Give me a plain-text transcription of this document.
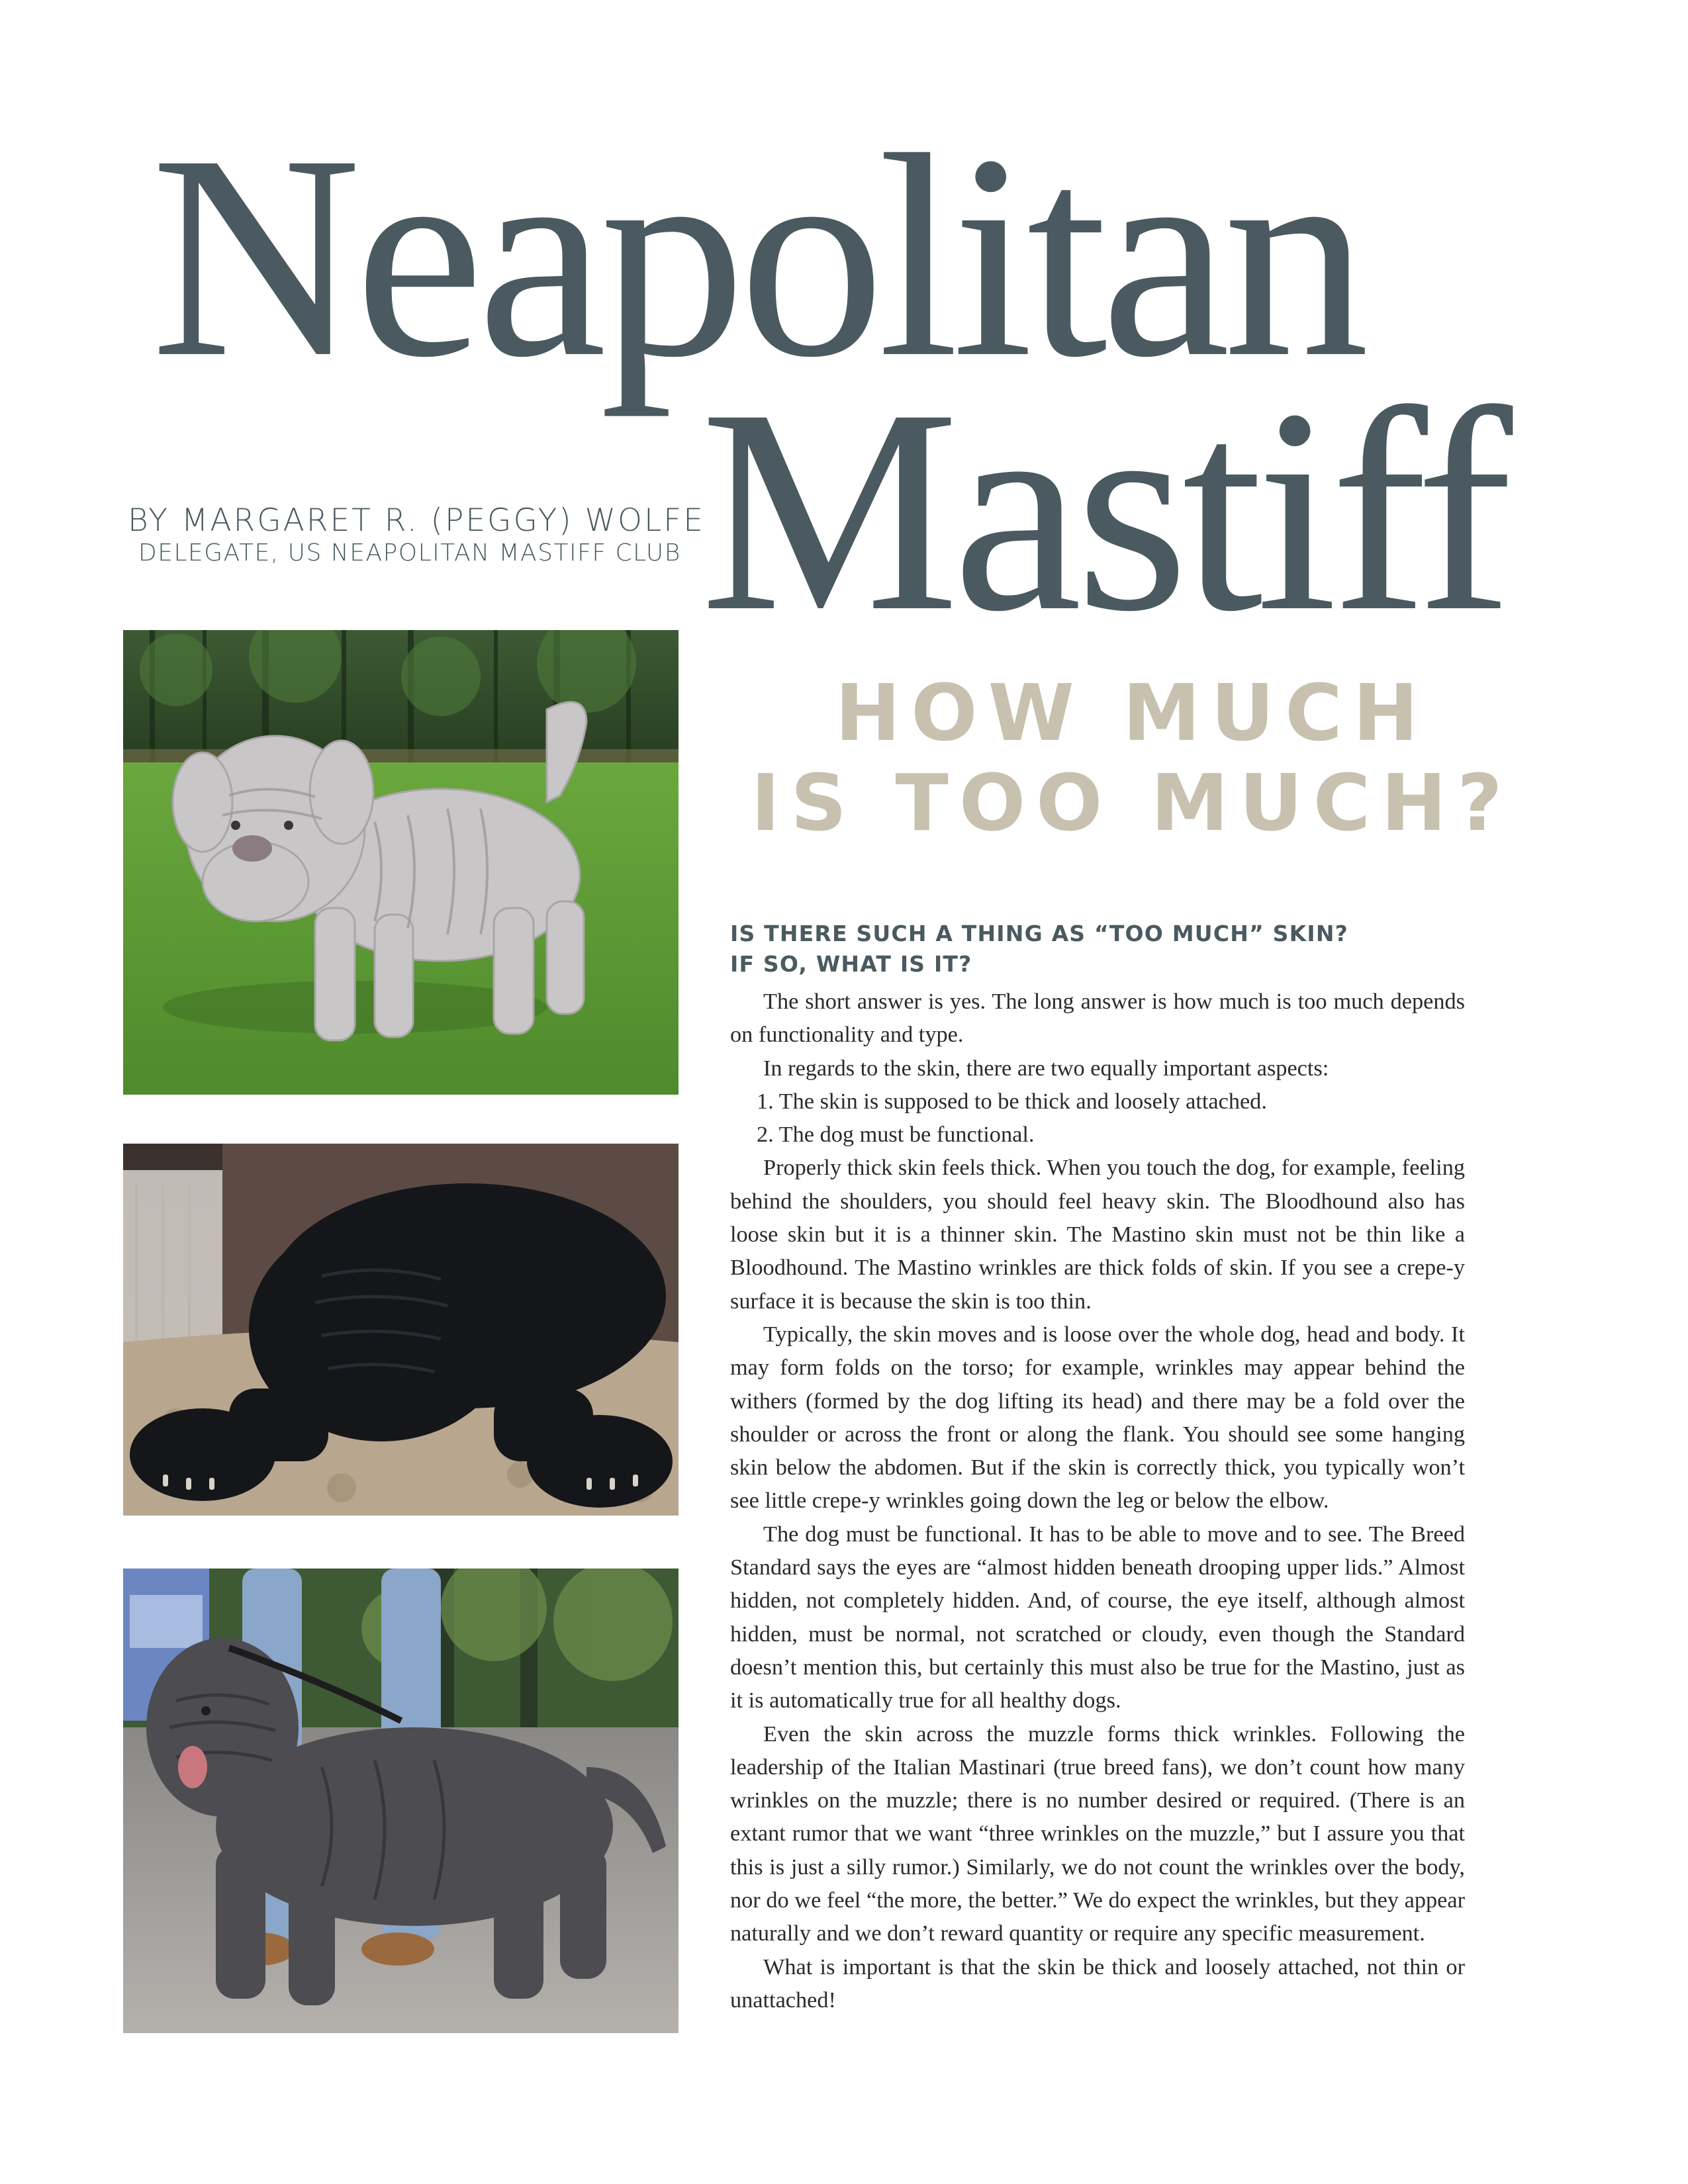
Neapolitan
Mastiff

BY MARGARET R. (PEGGY) WOLFE

DELEGATE, US NEAPOLITAN MASTIFF CLUB

HOW MUCH
IS TOO MUCH?
IS THERE SUCH A THING AS “TOO MUCH” SKIN?
IF SO, WHAT IS IT?

The short answer is yes. The long answer is how much is too much depends on functionality and type.

In regards to the skin, there are two equally important aspects:

1. The skin is supposed to be thick and loosely attached.

2. The dog must be functional.

Properly thick skin feels thick. When you touch the dog, for example, feeling behind the shoulders, you should feel heavy skin. The Bloodhound also has loose skin but it is a thinner skin. The Mastino skin must not be thin like a Bloodhound. The Mastino wrinkles are thick folds of skin. If you see a crepe-y surface it is because the skin is too thin.

Typically, the skin moves and is loose over the whole dog, head and body. It may form folds on the torso; for example, wrinkles may appear behind the withers (formed by the dog lifting its head) and there may be a fold over the shoulder or across the front or along the flank. You should see some hanging skin below the abdomen. But if the skin is correctly thick, you typically won’t see little crepe-y wrinkles going down the leg or below the elbow.

The dog must be functional. It has to be able to move and to see. The Breed Standard says the eyes are “almost hidden beneath drooping upper lids.” Almost hidden, not completely hidden. And, of course, the eye itself, although almost hidden, must be normal, not scratched or cloudy, even though the Standard doesn’t mention this, but certainly this must also be true for the Mastino, just as it is automatically true for all healthy dogs.

Even the skin across the muzzle forms thick wrinkles. Following the leadership of the Italian Mastinari (true breed fans), we don’t count how many wrinkles on the muzzle; there is no number desired or required. (There is an extant rumor that we want “three wrinkles on the muzzle,” but I assure you that this is just a silly rumor.) Similarly, we do not count the wrinkles over the body, nor do we feel “the more, the better.” We do expect the wrinkles, but they appear naturally and we don’t reward quantity or require any specific measurement.

What is important is that the skin be thick and loosely attached, not thin or unattached!
